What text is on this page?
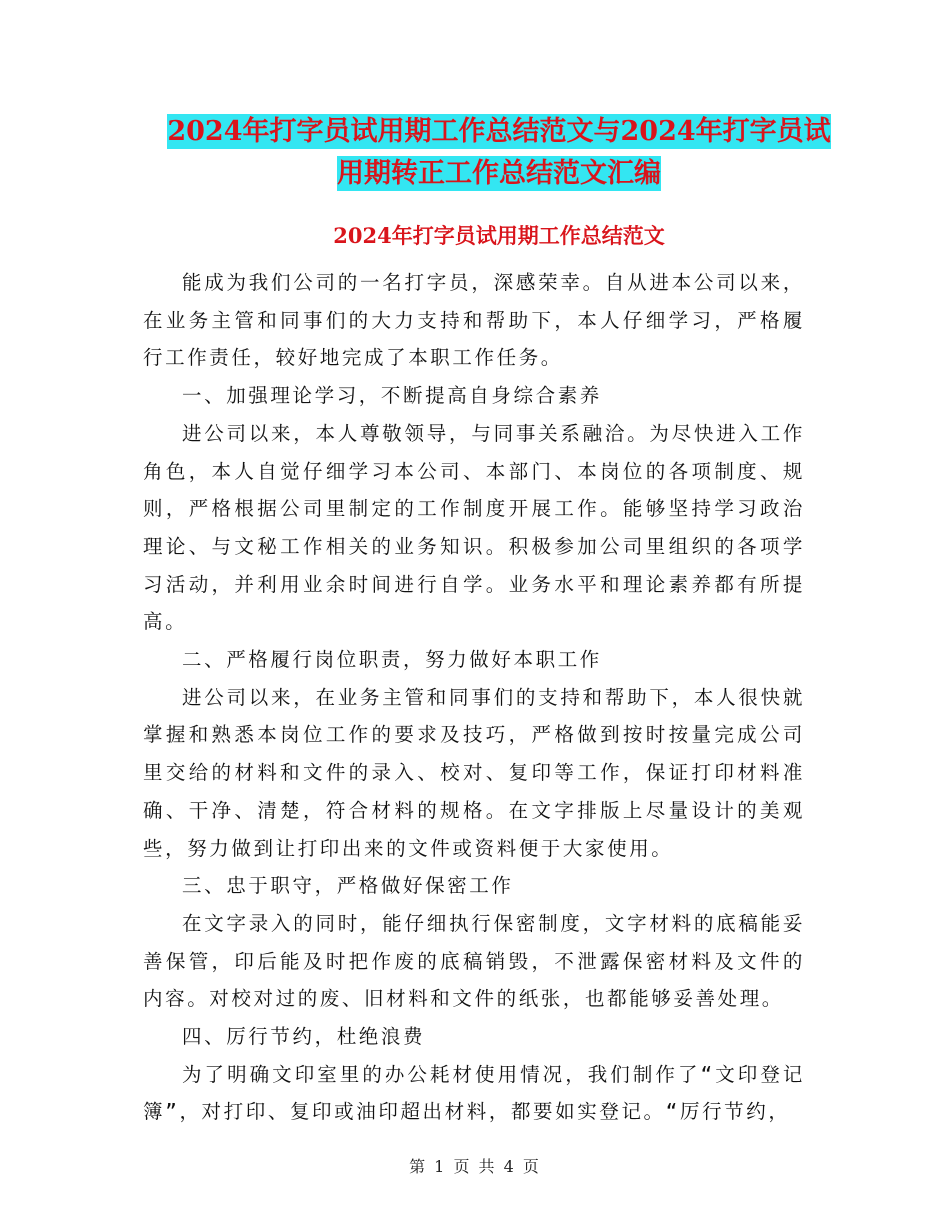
2024年打字员试用期工作总结范文与2024年打字员试
用期转正工作总结范文汇编
2024年打字员试用期工作总结范文

能成为我们公司的一名打字员，深感荣幸。自从进本公司以来，在业务主管和同事们的大力支持和帮助下，本人仔细学习，严格履行工作责任，较好地完成了本职工作任务。

一、加强理论学习，不断提高自身综合素养

进公司以来，本人尊敬领导，与同事关系融洽。为尽快进入工作角色，本人自觉仔细学习本公司、本部门、本岗位的各项制度、规则，严格根据公司里制定的工作制度开展工作。能够坚持学习政治理论、与文秘工作相关的业务知识。积极参加公司里组织的各项学习活动，并利用业余时间进行自学。业务水平和理论素养都有所提高。

二、严格履行岗位职责，努力做好本职工作

进公司以来，在业务主管和同事们的支持和帮助下，本人很快就掌握和熟悉本岗位工作的要求及技巧，严格做到按时按量完成公司里交给的材料和文件的录入、校对、复印等工作，保证打印材料准确、干净、清楚，符合材料的规格。在文字排版上尽量设计的美观些，努力做到让打印出来的文件或资料便于大家使用。

三、忠于职守，严格做好保密工作

在文字录入的同时，能仔细执行保密制度，文字材料的底稿能妥善保管，印后能及时把作废的底稿销毁，不泄露保密材料及文件的内容。对校对过的废、旧材料和文件的纸张，也都能够妥善处理。

四、厉行节约，杜绝浪费

为了明确文印室里的办公耗材使用情况，我们制作了“文印登记簿”，对打印、复印或油印超出材料，都要如实登记。“厉行节约，

第 1 页 共 4 页
